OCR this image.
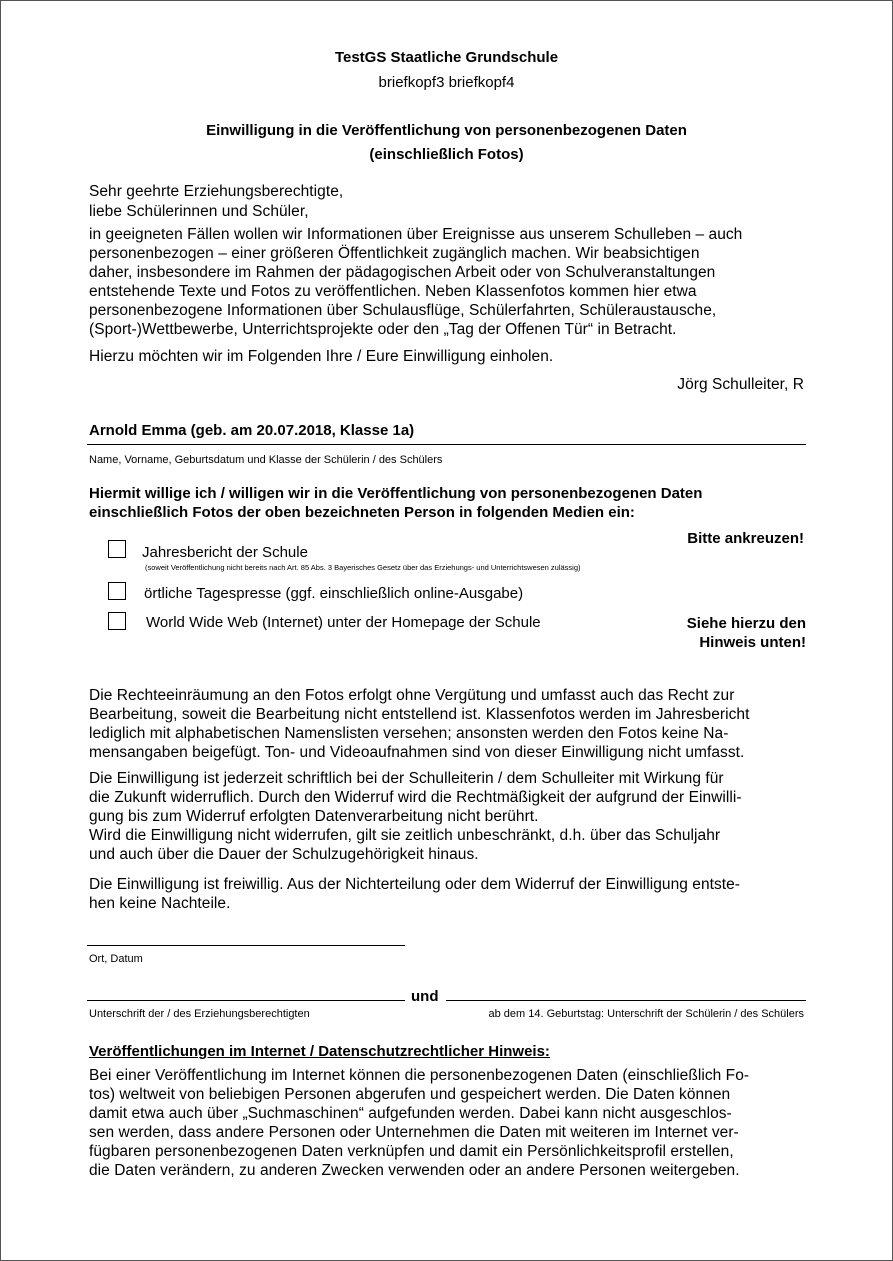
TestGS Staatliche Grundschule
briefkopf3 briefkopf4
Einwilligung in die Veröffentlichung von personenbezogenen Daten
(einschließlich Fotos)
Sehr geehrte Erziehungsberechtigte,
liebe Schülerinnen und Schüler,

in geeigneten Fällen wollen wir Informationen über Ereignisse aus unserem Schulleben – auch

personenbezogen – einer größeren Öffentlichkeit zugänglich machen. Wir beabsichtigen

daher, insbesondere im Rahmen der pädagogischen Arbeit oder von Schulveranstaltungen

entstehende Texte und Fotos zu veröffentlichen. Neben Klassenfotos kommen hier etwa

personenbezogene Informationen über Schulausflüge, Schülerfahrten, Schüleraustausche,

(Sport-)Wettbewerbe, Unterrichtsprojekte oder den „Tag der Offenen Tür“ in Betracht.

Hierzu möchten wir im Folgenden Ihre / Eure Einwilligung einholen.
Jörg Schulleiter, R
Arnold Emma (geb. am 20.07.2018, Klasse 1a)
Name, Vorname, Geburtsdatum und Klasse der Schülerin / des Schülers
Hiermit willige ich / willigen wir in die Veröffentlichung von personenbezogenen Daten
einschließlich Fotos der oben bezeichneten Person in folgenden Medien ein:
Bitte ankreuzen!
Jahresbericht der Schule
(soweit Veröffentlichung nicht bereits nach Art. 85 Abs. 3 Bayerisches Gesetz über das Erziehungs- und Unterrichtswesen zulässig)
örtliche Tagespresse (ggf. einschließlich online-Ausgabe)
World Wide Web (Internet) unter der Homepage der Schule	Siehe hierzu den
Hinweis unten!

Die Rechteeinräumung an den Fotos erfolgt ohne Vergütung und umfasst auch das Recht zur

Bearbeitung, soweit die Bearbeitung nicht entstellend ist. Klassenfotos werden im Jahresbericht

lediglich mit alphabetischen Namenslisten versehen; ansonsten werden den Fotos keine Na-

mensangaben beigefügt. Ton- und Videoaufnahmen sind von dieser Einwilligung nicht umfasst.

Die Einwilligung ist jederzeit schriftlich bei der Schulleiterin / dem Schulleiter mit Wirkung für

die Zukunft widerruflich. Durch den Widerruf wird die Rechtmäßigkeit der aufgrund der Einwilli-

gung bis zum Widerruf erfolgten Datenverarbeitung nicht berührt.

Wird die Einwilligung nicht widerrufen, gilt sie zeitlich unbeschränkt, d.h. über das Schuljahr

und auch über die Dauer der Schulzugehörigkeit hinaus.

Die Einwilligung ist freiwillig. Aus der Nichterteilung oder dem Widerruf der Einwilligung entste-

hen keine Nachteile.

Ort, Datum
und
Unterschrift der / des Erziehungsberechtigten	ab dem 14. Geburtstag: Unterschrift der Schülerin / des Schülers
Veröffentlichungen im Internet / Datenschutzrechtlicher Hinweis:

Bei einer Veröffentlichung im Internet können die personenbezogenen Daten (einschließlich Fo-

tos) weltweit von beliebigen Personen abgerufen und gespeichert werden. Die Daten können

damit etwa auch über „Suchmaschinen“ aufgefunden werden. Dabei kann nicht ausgeschlos-

sen werden, dass andere Personen oder Unternehmen die Daten mit weiteren im Internet ver-

fügbaren personenbezogenen Daten verknüpfen und damit ein Persönlichkeitsprofil erstellen,

die Daten verändern, zu anderen Zwecken verwenden oder an andere Personen weitergeben.
